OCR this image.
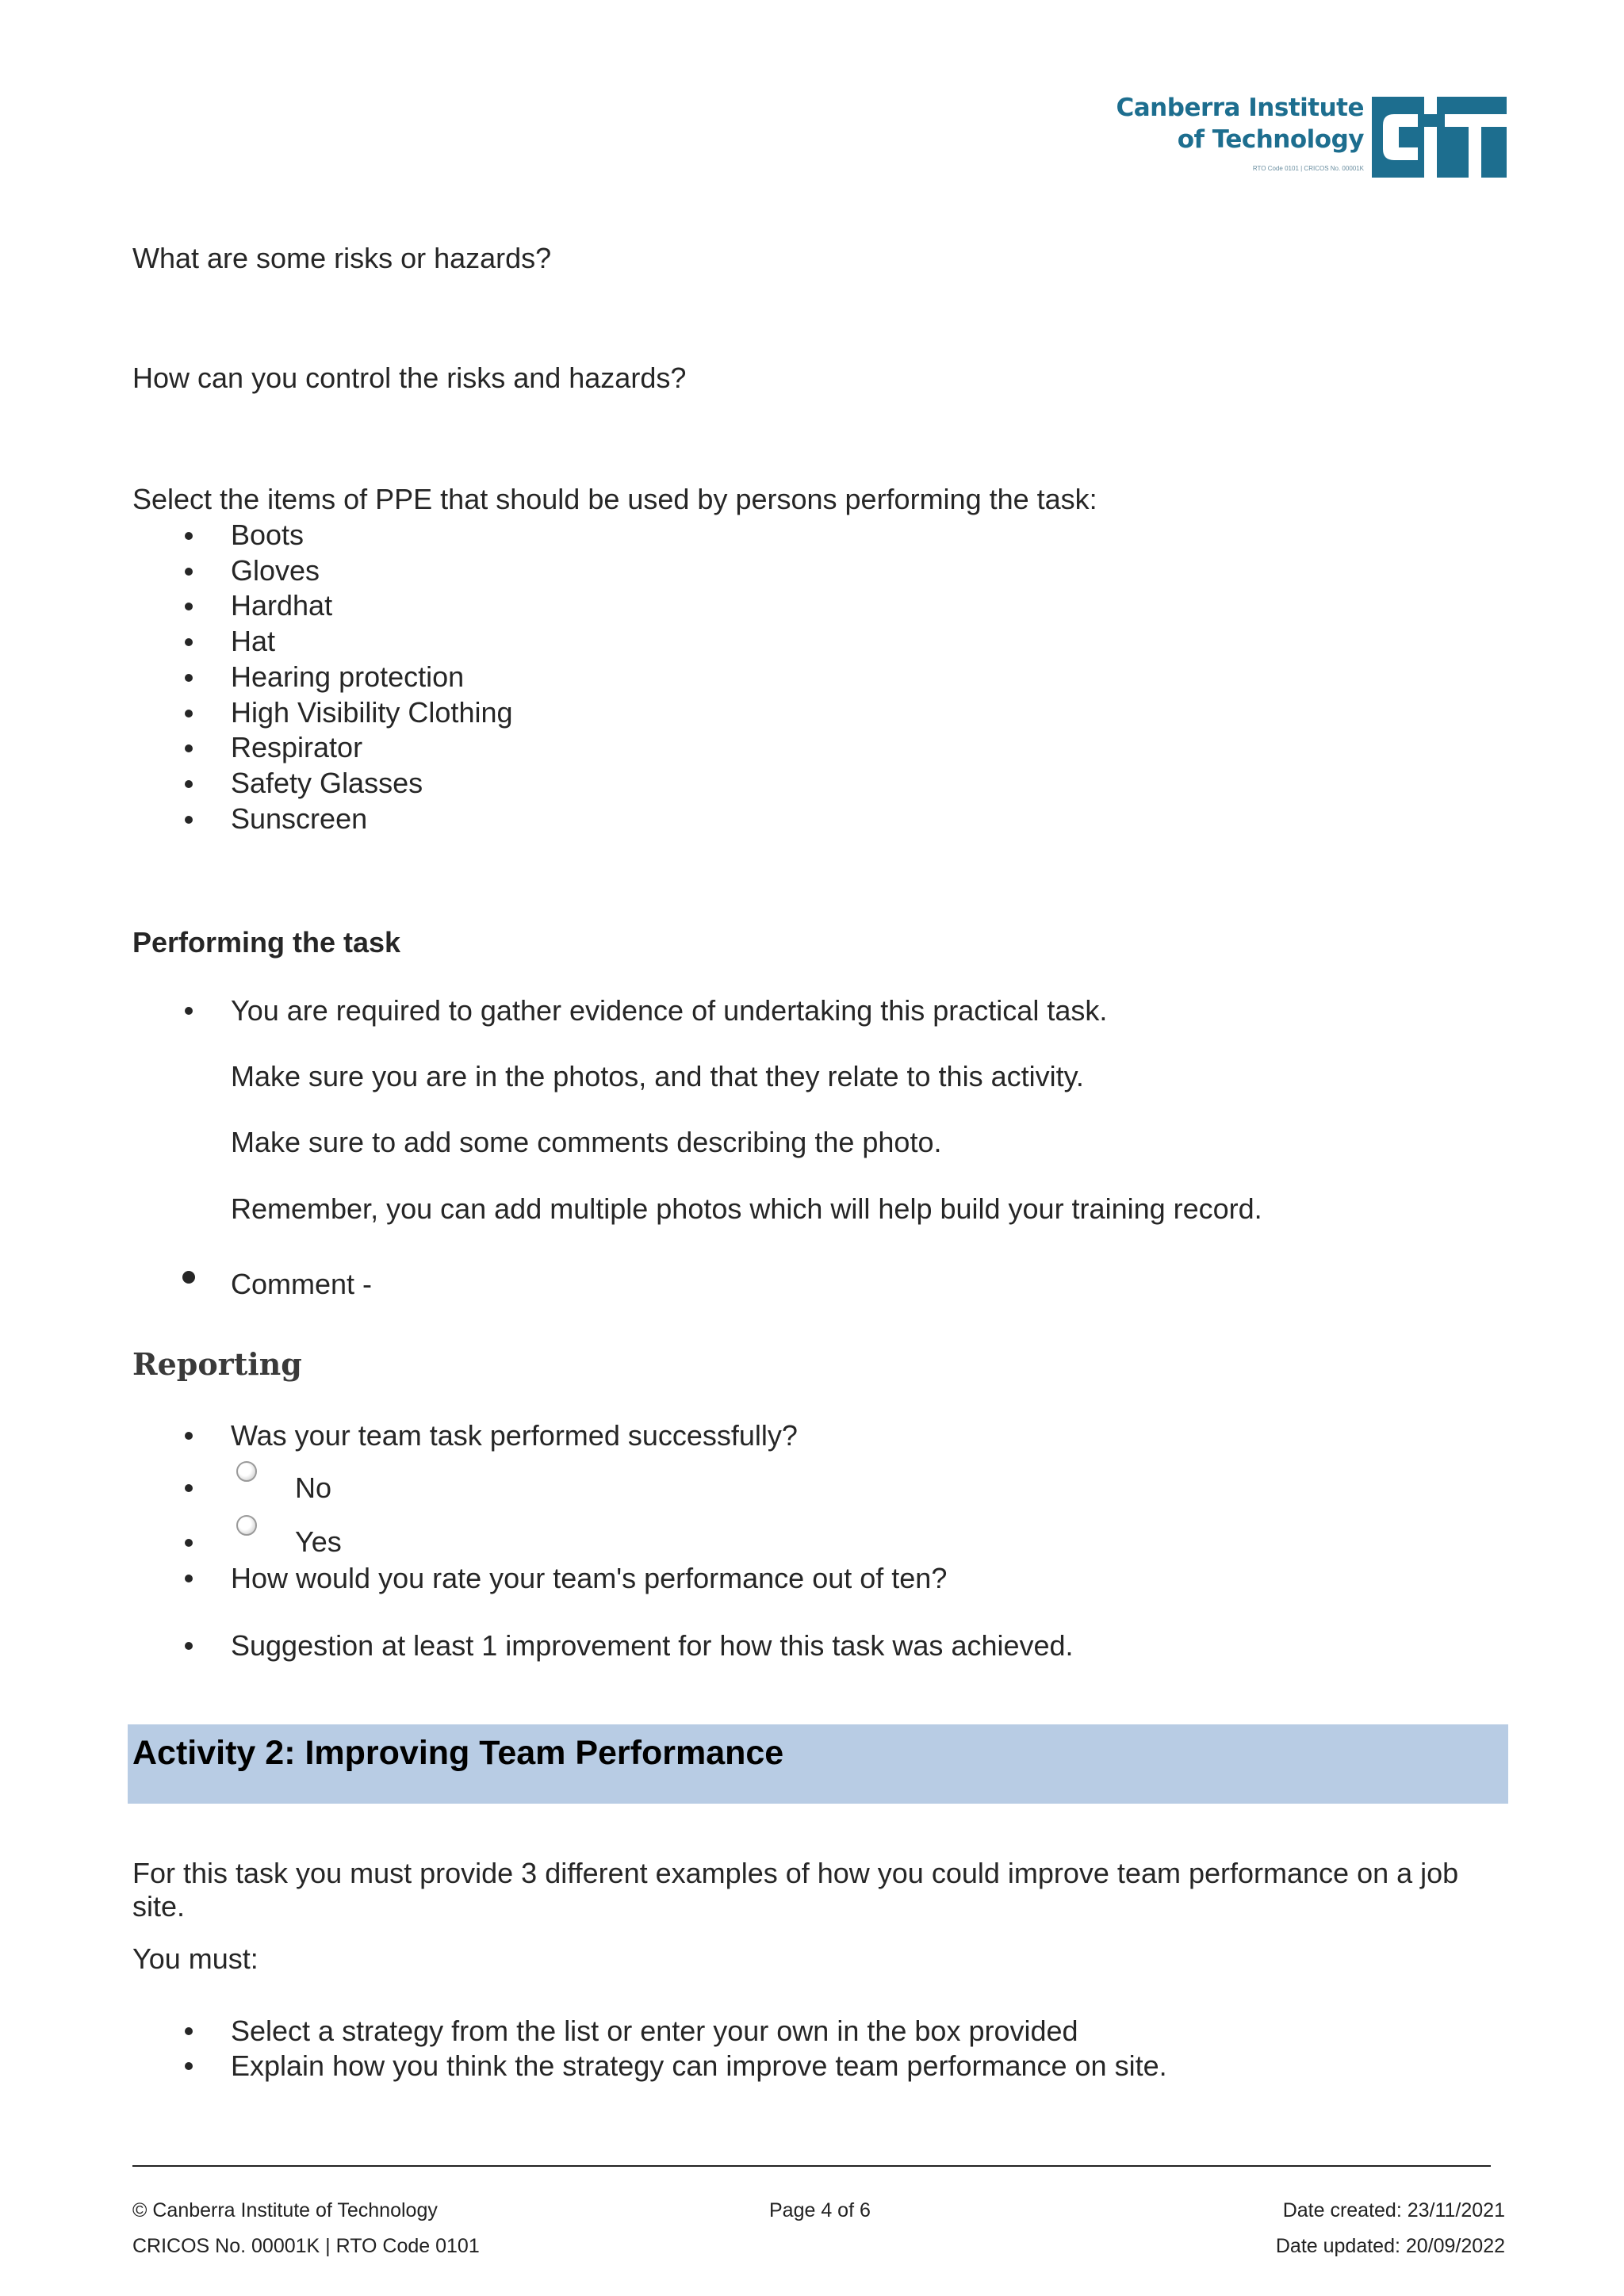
Canberra Institute
of Technology
RTO Code 0101 | CRICOS No. 00001K
What are some risks or hazards?
How can you control the risks and hazards?
Select the items of PPE that should be used by persons performing the task:
Boots
Gloves
Hardhat
Hat
Hearing protection
High Visibility Clothing
Respirator
Safety Glasses
Sunscreen
Performing the task
You are required to gather evidence of undertaking this practical task.
Make sure you are in the photos, and that they relate to this activity.
Make sure to add some comments describing the photo.
Remember, you can add multiple photos which will help build your training record.
Comment -
Reporting
Was your team task performed successfully?
No
Yes
How would you rate your team's performance out of ten?
Suggestion at least 1 improvement for how this task was achieved.
Activity 2: Improving Team Performance
For this task you must provide 3 different examples of how you could improve team performance on a job
site.
You must:
Select a strategy from the list or enter your own in the box provided
Explain how you think the strategy can improve team performance on site.
© Canberra Institute of Technology
CRICOS No. 00001K | RTO Code 0101
Page 4 of 6	Date created: 23/11/2021
Date updated: 20/09/2022
